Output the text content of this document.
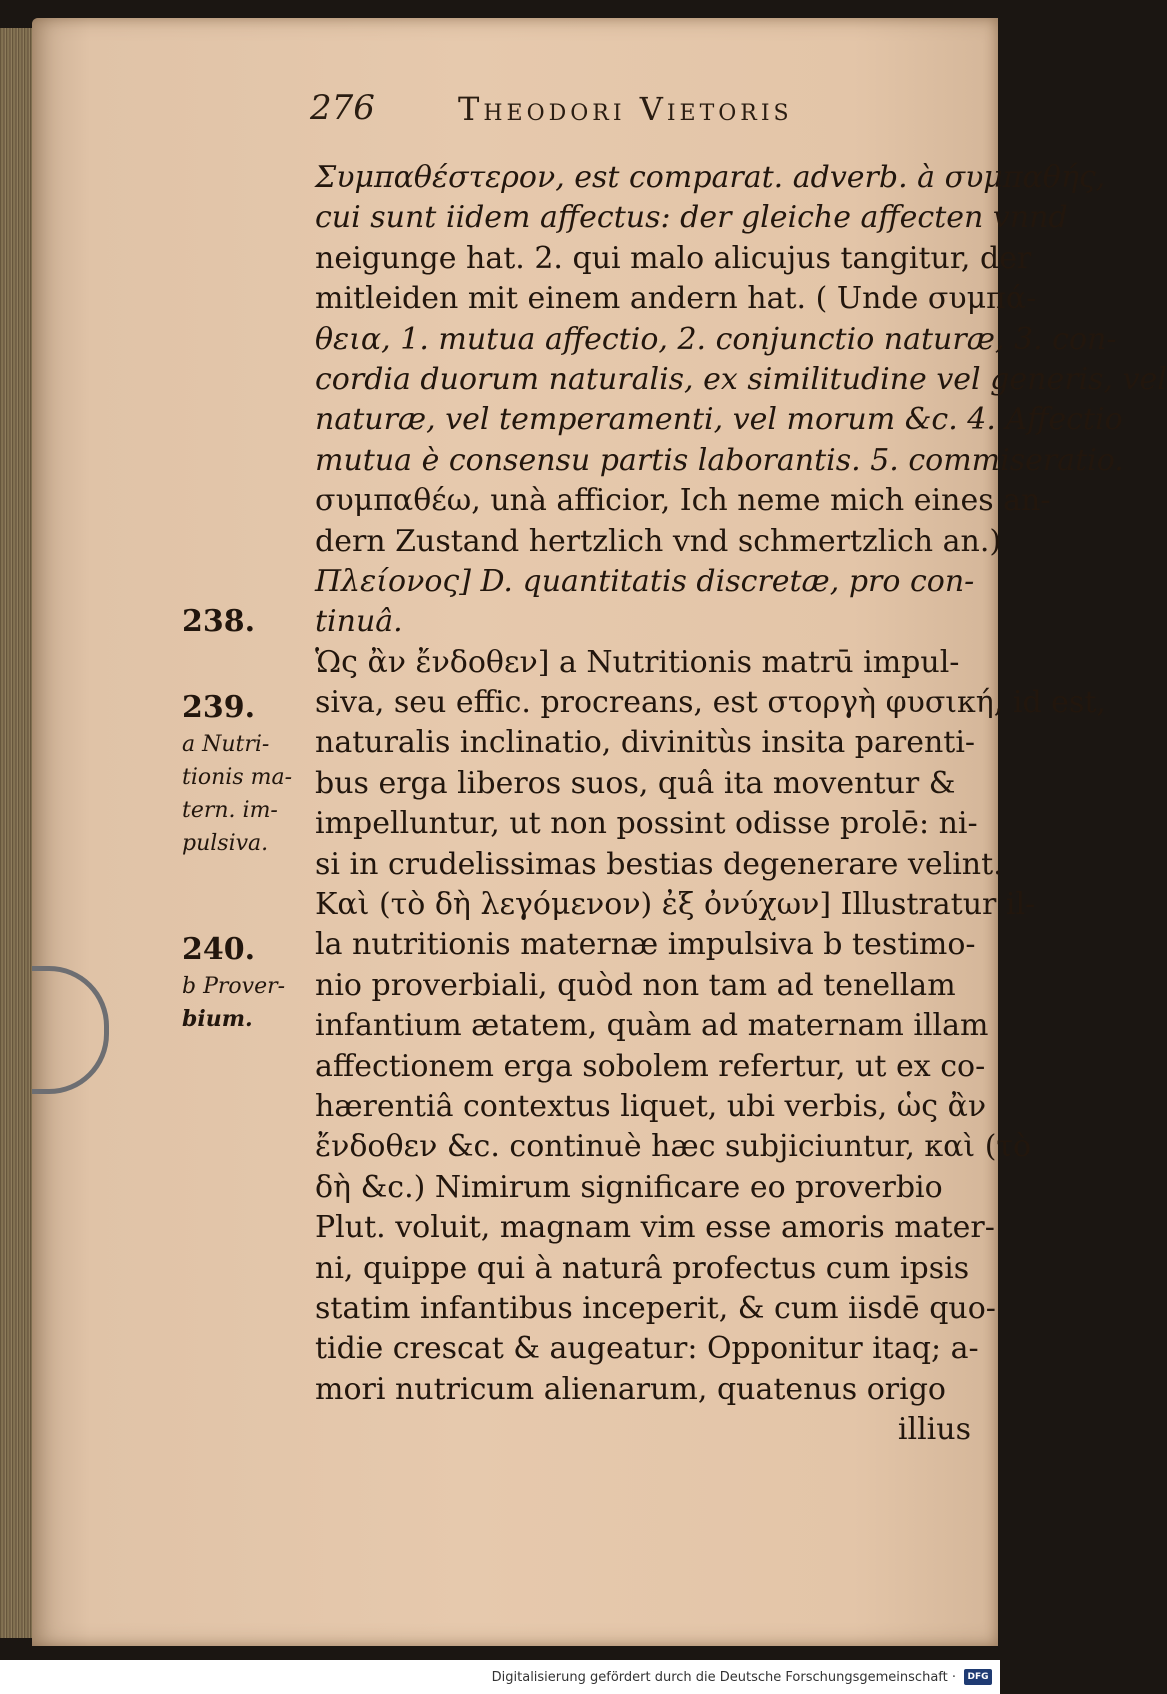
276	Theodori Vietoris
Συμπαθέστερον, est comparat. adverb. à συμπαθής,
cui sunt iidem affectus: der gleiche affecten vnnd
neigunge hat. 2. qui malo alicujus tangitur, der
mitleiden mit einem andern hat. ( Unde συμπά-
θεια, 1. mutua affectio, 2. conjunctio naturæ, 3. con-
cordia duorum naturalis, ex similitudine vel generis, vel
naturæ, vel temperamenti, vel morum &c. 4. Affectio
mutua è consensu partis laborantis. 5. commiseratio.
συμπαθέω, unà afficior, Ich neme mich eines an-
dern Zustand hertzlich vnd schmertzlich an.)
Πλείονος] D. quantitatis discretæ, pro con-
tinuâ.
Ὡς ἂν ἔνδοθεν] a Nutritionis matrū impul-
siva, seu effic. procreans, est στοργὴ φυσική, id est,
naturalis inclinatio, divinitùs insita parenti-
bus erga liberos suos, quâ ita moventur &
impelluntur, ut non possint odisse prolē: ni-
si in crudelissimas bestias degenerare velint.
Καὶ (τὸ δὴ λεγόμενον) ἐξ ὀνύχων] Illustratur il-
la nutritionis maternæ impulsiva b testimo-
nio proverbiali, quòd non tam ad tenellam
infantium ætatem, quàm ad maternam illam
affectionem erga sobolem refertur, ut ex co-
hærentiâ contextus liquet, ubi verbis, ὡς ἂν
ἔνδοθεν &c. continuè hæc subjiciuntur, καὶ (τὸ
δὴ &c.) Nimirum significare eo proverbio
Plut. voluit, magnam vim esse amoris mater-
ni, quippe qui à naturâ profectus cum ipsis
statim infantibus inceperit, & cum iisdē quo-
tidie crescat & augeatur: Opponitur itaq; a-
mori nutricum alienarum, quatenus origo
illius
238.
239.
a Nutri-
tionis ma-
tern. im-
pulsiva.
240.
b Prover-
bium.
Digitalisierung gefördert durch die Deutsche Forschungsgemeinschaft ·	DFG
